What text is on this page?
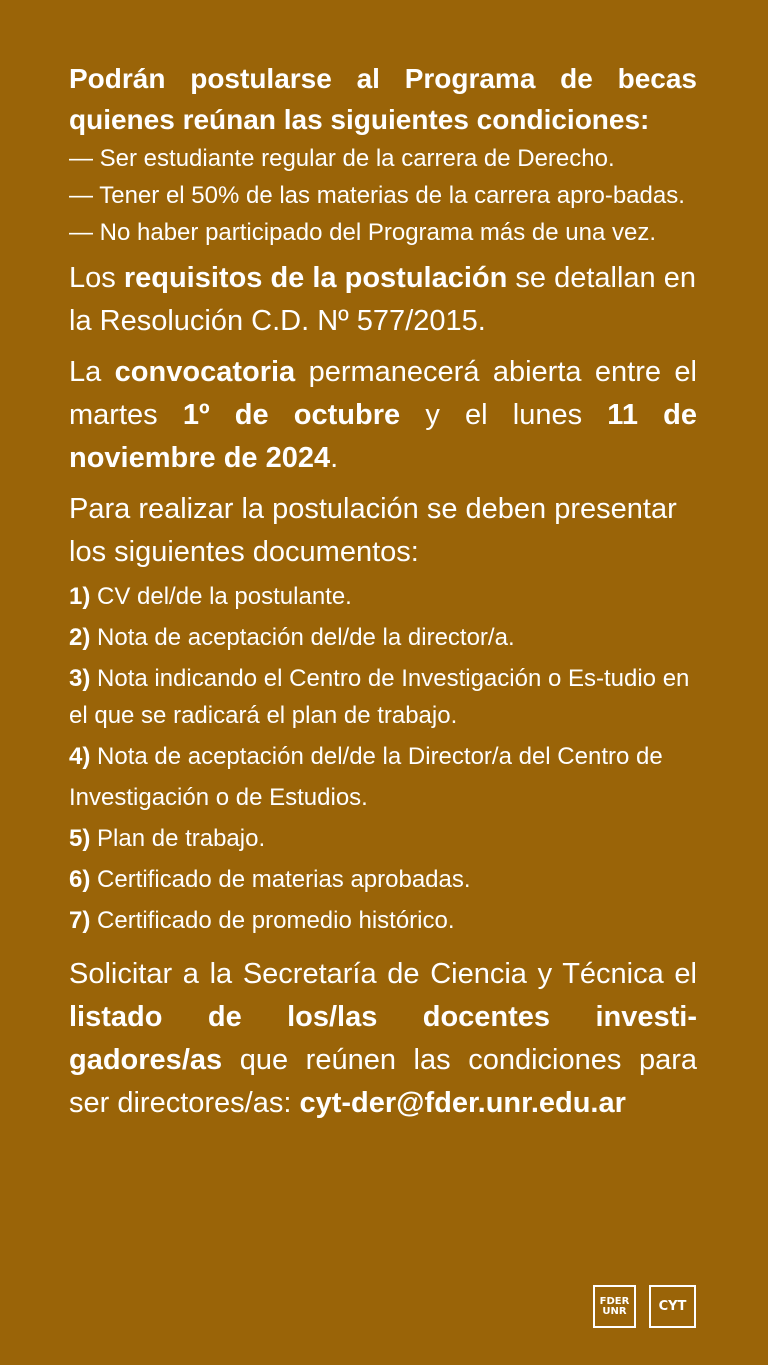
Podrán postularse al Programa de becas quienes reúnan las siguientes condiciones:

— Ser estudiante regular de la carrera de Derecho.

— Tener el 50% de las materias de la carrera apro-badas.

— No haber participado del Programa más de una vez.

Los requisitos de la postulación se detallan en la Resolución C.D. Nº 577/2015.

La convocatoria permanecerá abierta entre el martes 1º de octubre y el lunes 11 de noviembre de 2024.

Para realizar la postulación se deben presentar los siguientes documentos:

1) CV del/de la postulante.

2) Nota de aceptación del/de la director/a.

3) Nota indicando el Centro de Investigación o Es-tudio en el que se radicará el plan de trabajo.

4) Nota de aceptación del/de la Director/a del Centro de

Investigación o de Estudios.

5) Plan de trabajo.

6) Certificado de materias aprobadas.

7) Certificado de promedio histórico.

Solicitar a la Secretaría de Ciencia y Técnica el listado de los/las docentes investi-gadores/as que reúnen las condiciones para ser directores/as: cyt-der@fder.unr.edu.ar

FDER
UNR CYT
